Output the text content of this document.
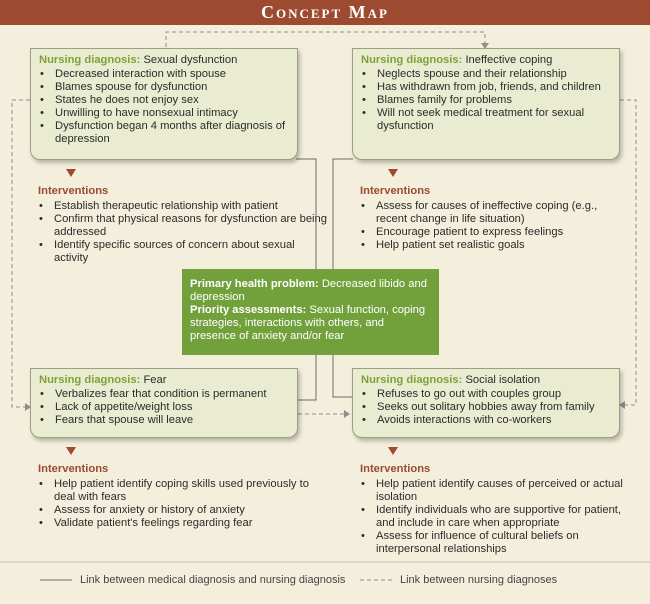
Concept Map
Nursing diagnosis: Sexual dysfunction
• Decreased interaction with spouse
• Blames spouse for dysfunction
• States he does not enjoy sex
• Unwilling to have nonsexual intimacy
• Dysfunction began 4 months after diagnosis of depression
Interventions
• Establish therapeutic relationship with patient
• Confirm that physical reasons for dysfunction are being addressed
• Identify specific sources of concern about sexual activity
Nursing diagnosis: Ineffective coping
• Neglects spouse and their relationship
• Has withdrawn from job, friends, and children
• Blames family for problems
• Will not seek medical treatment for sexual dysfunction
Interventions
• Assess for causes of ineffective coping (e.g., recent change in life situation)
• Encourage patient to express feelings
• Help patient set realistic goals
Primary health problem: Decreased libido and depression
Priority assessments: Sexual function, coping strategies, interactions with others, and presence of anxiety and/or fear
Nursing diagnosis: Fear
• Verbalizes fear that condition is permanent
• Lack of appetite/weight loss
• Fears that spouse will leave
Interventions
• Help patient identify coping skills used previously to deal with fears
• Assess for anxiety or history of anxiety
• Validate patient's feelings regarding fear
Nursing diagnosis: Social isolation
• Refuses to go out with couples group
• Seeks out solitary hobbies away from family
• Avoids interactions with co-workers
Interventions
• Help patient identify causes of perceived or actual isolation
• Identify individuals who are supportive for patient, and include in care when appropriate
• Assess for influence of cultural beliefs on interpersonal relationships
Link between medical diagnosis and nursing diagnosis	Link between nursing diagnoses
